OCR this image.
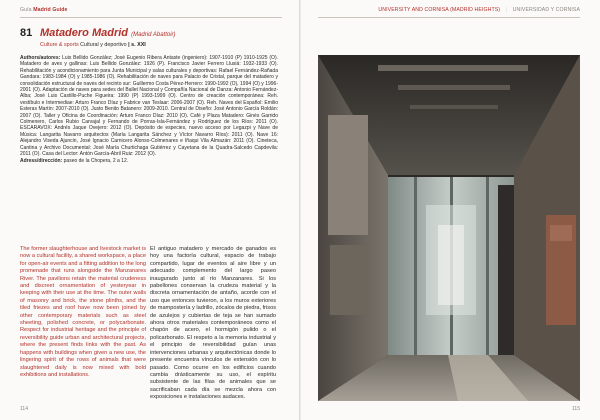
Guía Madrid Guide	UNIVERSITY AND CORNISA (MADRID HEIGHTS) | UNIVERSIDAD Y CORNISA
81 Matadero Madrid (Madrid Abattoir)
Culture & sports Cultural y deportivo | s. XXI
Authors/autores: Luis Bellido González; José Eugenio Ribera Antaste (ingeniero): 1907-1910 (P) 1910-1925 (O). Matadero de aves y gallinas: Luis Bellido González: 1926 (P). Francisco Javier Ferrero Llusiá: 1932-1933 (O). Rehabilitación y acondicionamiento para Junta Municipal y salas culturales y deportivas: Rafael Fernández-Rañada Gandara: 1983-1984 (O) y 1985-1986 (O). Rehabilitación de naves para Palacio de Cristal, parque del matadero y consolidación estructural de naves del recinto sur: Guillermo Costa Pérez-Herrero: 1990-1992 (O), 1994 (O) y 1996-2001 (O). Adaptación de naves para sedes del Ballet Nacional y Compañía Nacional de Danza: Antonio Fernández-Alba; José Luis Castillo-Puche Figueira: 1990 (P) 1993-1999 (O). Centro de creación contemporánea: Reh. vestíbulo e Intermediae: Arturo Franco Díaz y Fabrice van Teslaar: 2006-2007 (O). Reh. Naves del Español: Emilio Esteras Martín: 2007-2010 (O). Justo Benito Batanero: 2009-2010. Central de Diseño: José Antonio García Roldán: 2007 (O). Taller y Oficina de Coordinación: Arturo Franco Díaz: 2010 (O). Café y Plaza Matadero: Ginés Garrido Colmenero, Carlos Rubio Carvajal y Fernando de Porras-Isla-Fernández y Rodríguez de los Ríos: 2011 (O). ESCARAVOX: Andrés Jaque Ovejero: 2012 (O). Depósito de especies, nuevo acceso por Legazpi y Nave de Música: Langarita Navarro arquitectos (María Langarita Sánchez y Víctor Navarro Ríos): 2011 (O). Nave 16: Alejandro Viseda Ajuncin, José Ignacio Carnicero Alonso-Colmenares e Iñaqui Vila Almazán: 2011 (O). Cineteca, Cantina y Archivo Documental: José María Churtichaga Gutiérrez y Cayetana de la Quadra-Salcedo Capdevila: 2011 (O). Casa del Lector: Antón García-Abril Ruiz: 2012 (O).
Adress/dirección: paseo de la Chopera, 2 a 12.
The former slaughterhouse and livestock market is now a cultural facility, a shared workspace, a place for open-air events and a fitting addition to the long promenade that runs alongside the Manzanares River. The pavilions retain the material crudeness and discreet ornamentation of yesteryear in keeping with their use at the time. The outer walls of masonry and brick, the stone plinths, and the tiled friezes and roof have now been joined by other contemporary materials such as steel sheeting, polished concrete, or polycarbonate. Respect for industrial heritage and the principle of reversibility guide urban and architectural projects, where the present finds links with the past. As happens with buildings when given a new use, the lingering spirit of the rows of animals that were slaughtered daily is now mixed with bold exhibitions and installations.
El antiguo matadero y mercado de ganados es hoy una factoría cultural, espacio de trabajo compartido, lugar de eventos al aire libre y un adecuado complemento del largo paseo inaugurado junto al río Manzanares. Si los pabellones conservan la crudeza material y la discreta ornamentación de antaño, acorde con el uso que entonces tuvieron, a los muros exteriores de mampostería y ladrillo, zócalos de piedra, frisos de azulejos y cubiertas de teja se han sumado ahora otros materiales contemporáneos como el chapón de acero, el hormigón pulido o el policarbonato. El respeto a la memoria industrial y el principio de reversibilidad guían unas intervenciones urbanas y arquitectónicas donde lo presente encuentra vínculos de extensión con lo pasado. Como ocurre en los edificios cuando cambia drásticamente su uso, el espíritu subsistente de las filas de animales que se sacrificaban cada día se mezcla ahora con exposiciones e instalaciones audaces.
114	115
